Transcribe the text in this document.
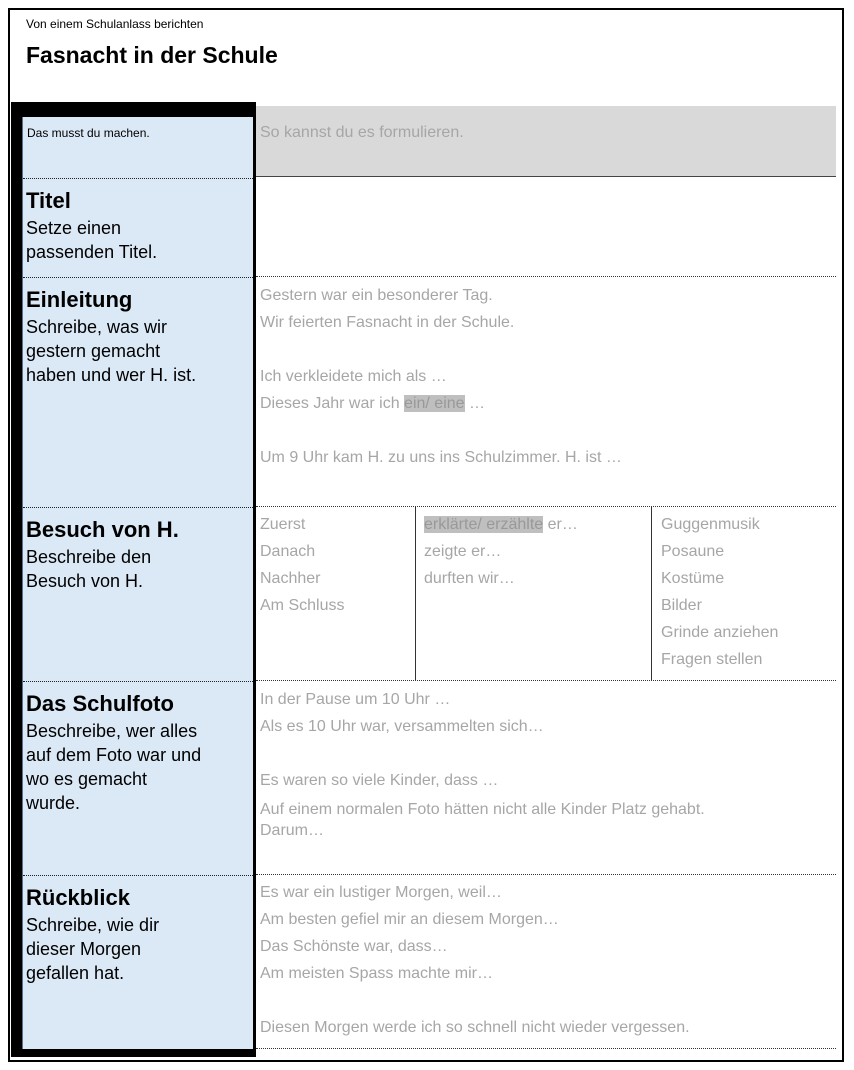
Von einem Schulanlass berichten
Fasnacht in der Schule
Das musst du machen.
Titel
Setze einen
passenden Titel.
Einleitung
Schreibe, was wir
gestern gemacht
haben und wer H. ist.
Besuch von H.
Beschreibe den
Besuch von H.
Das Schulfoto
Beschreibe, wer alles
auf dem Foto war und
wo es gemacht
wurde.
Rückblick
Schreibe, wie dir
dieser Morgen
gefallen hat.
So kannst du es formulieren.
Gestern war ein besonderer Tag.
Wir feierten Fasnacht in der Schule.
Ich verkleidete mich als …
Dieses Jahr war ich ein/ eine …
Um 9 Uhr kam H. zu uns ins Schulzimmer. H. ist …
Zuerst
Danach
Nachher
Am Schluss
erklärte/ erzählte er…
zeigte er…
durften wir…
Guggenmusik
Posaune
Kostüme
Bilder
Grinde anziehen
Fragen stellen
In der Pause um 10 Uhr …
Als es 10 Uhr war, versammelten sich…
Es waren so viele Kinder, dass …
Auf einem normalen Foto hätten nicht alle Kinder Platz gehabt.
Darum…
Es war ein lustiger Morgen, weil…
Am besten gefiel mir an diesem Morgen…
Das Schönste war, dass…
Am meisten Spass machte mir…
Diesen Morgen werde ich so schnell nicht wieder vergessen.
